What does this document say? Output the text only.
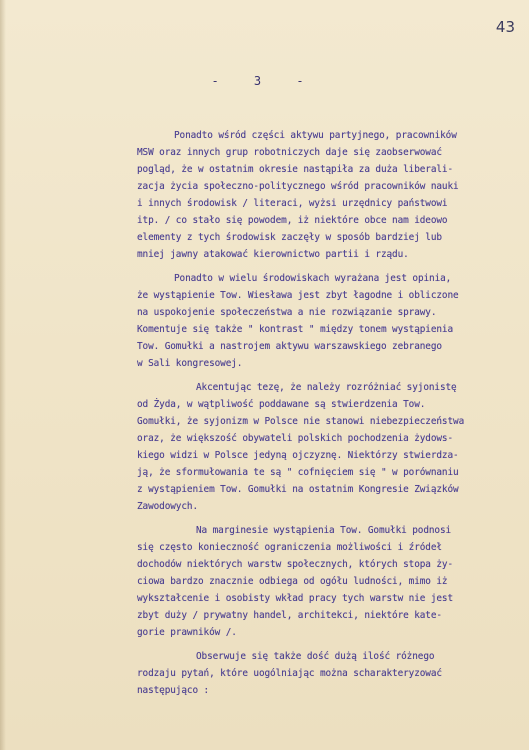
43
- 3 -
Ponadto wśród części aktywu partyjnego, pracowników
MSW oraz innych grup robotniczych daje się zaobserwować
pogląd, że w ostatnim okresie nastąpiła za duża liberali-
zacja życia społeczno-politycznego wśród pracowników nauki
i innych środowisk / literaci, wyżsi urzędnicy państwowi
itp. / co stało się powodem, iż niektóre obce nam ideowo
elementy z tych środowisk zaczęły w sposób bardziej lub
mniej jawny atakować kierownictwo partii i rządu.
Ponadto w wielu środowiskach wyrażana jest opinia,
że wystąpienie Tow. Wiesława jest zbyt łagodne i obliczone
na uspokojenie społeczeństwa a nie rozwiązanie sprawy.
Komentuje się także " kontrast " między tonem wystąpienia
Tow. Gomułki a nastrojem aktywu warszawskiego zebranego
w Sali kongresowej.
Akcentując tezę, że należy rozróżniać syjonistę
od Żyda, w wątpliwość poddawane są stwierdzenia Tow.
Gomułki, że syjonizm w Polsce nie stanowi niebezpieczeństwa
oraz, że większość obywateli polskich pochodzenia żydows-
kiego widzi w Polsce jedyną ojczyznę. Niektórzy stwierdza-
ją, że sformułowania te są " cofnięciem się " w porównaniu
z wystąpieniem Tow. Gomułki na ostatnim Kongresie Związków
Zawodowych.
Na marginesie wystąpienia Tow. Gomułki podnosi
się często konieczność ograniczenia możliwości i źródeł
dochodów niektórych warstw społecznych, których stopa ży-
ciowa bardzo znacznie odbiega od ogółu ludności, mimo iż
wykształcenie i osobisty wkład pracy tych warstw nie jest
zbyt duży / prywatny handel, architekci, niektóre kate-
gorie prawników /.
Obserwuje się także dość dużą ilość różnego
rodzaju pytań, które uogólniając można scharakteryzować
następująco :
